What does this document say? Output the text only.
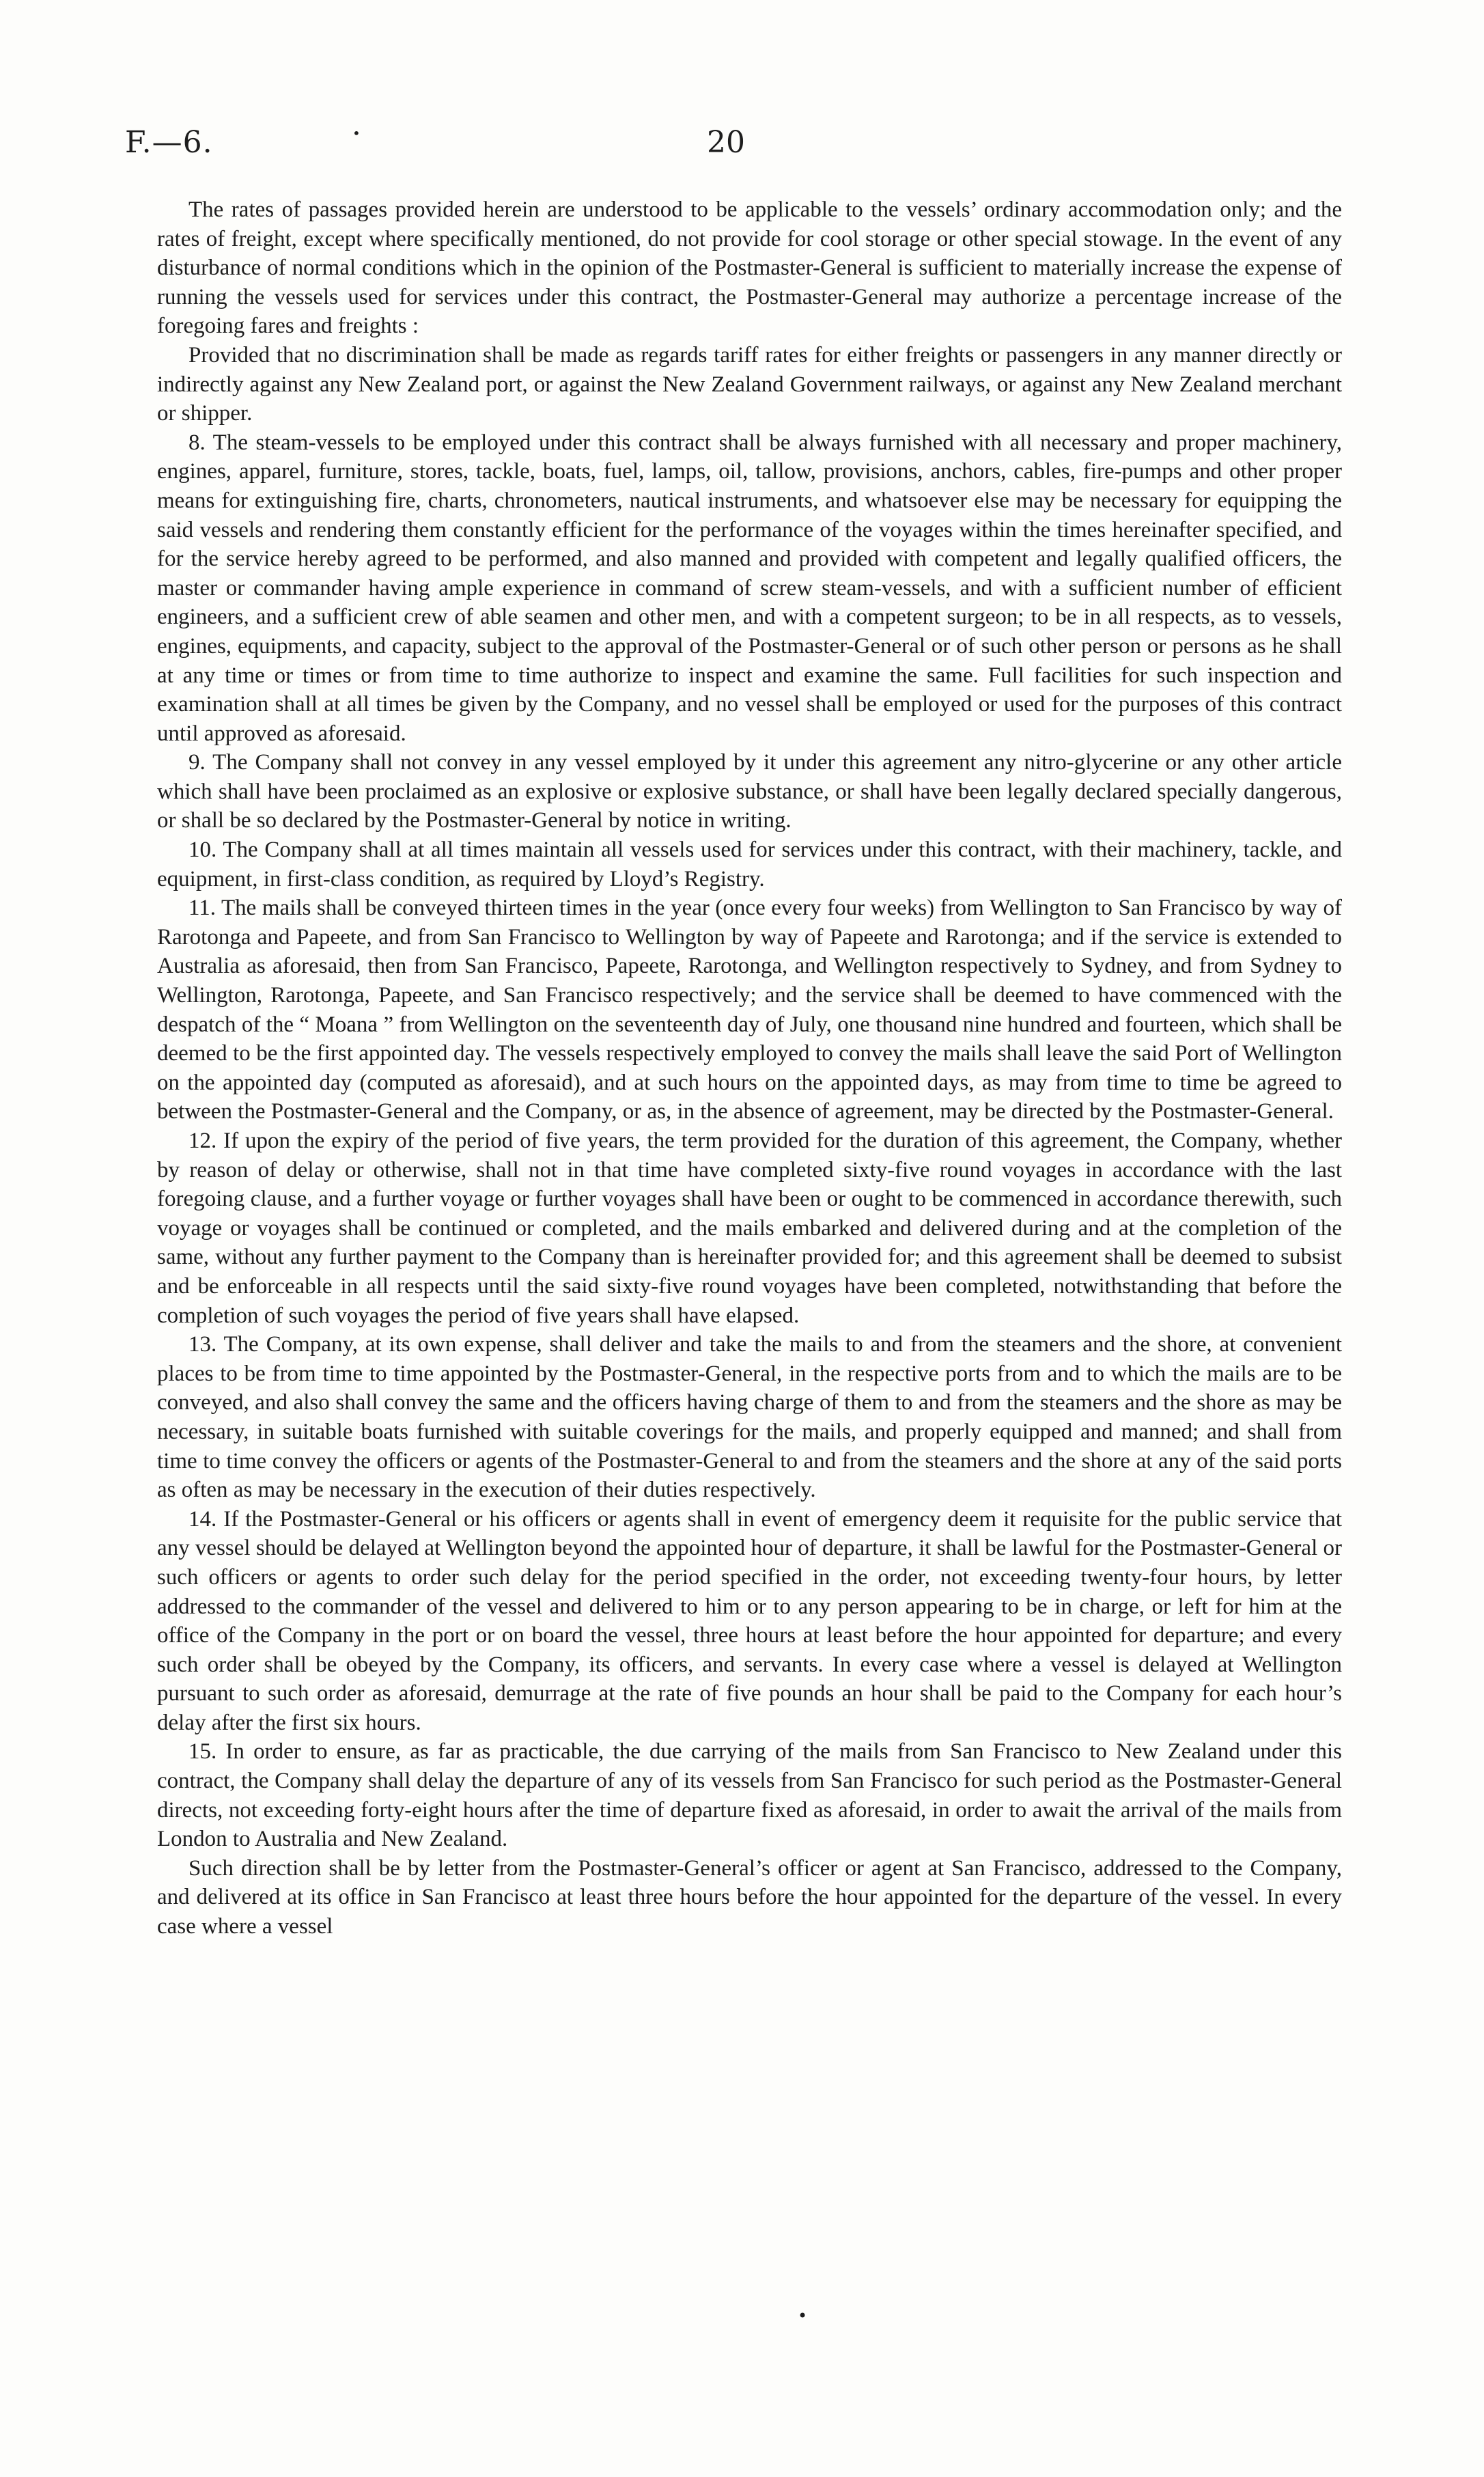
F.—6.	•	20

The rates of passages provided herein are understood to be applicable to the vessels’ ordinary accommodation only; and the rates of freight, except where specifically mentioned, do not provide for cool storage or other special stowage. In the event of any disturbance of normal conditions which in the opinion of the Postmaster-General is sufficient to materially increase the expense of running the vessels used for services under this contract, the Postmaster-General may authorize a percentage increase of the foregoing fares and freights :

Provided that no discrimination shall be made as regards tariff rates for either freights or passengers in any manner directly or indirectly against any New Zealand port, or against the New Zealand Government railways, or against any New Zealand merchant or shipper.

8. The steam-vessels to be employed under this contract shall be always furnished with all necessary and proper machinery, engines, apparel, furniture, stores, tackle, boats, fuel, lamps, oil, tallow, provisions, anchors, cables, fire-pumps and other proper means for extinguishing fire, charts, chronometers, nautical instruments, and whatsoever else may be necessary for equipping the said vessels and rendering them constantly efficient for the performance of the voyages within the times hereinafter specified, and for the service hereby agreed to be performed, and also manned and provided with competent and legally qualified officers, the master or commander having ample experience in command of screw steam-vessels, and with a sufficient number of efficient engineers, and a sufficient crew of able seamen and other men, and with a competent surgeon; to be in all respects, as to vessels, engines, equipments, and capacity, subject to the approval of the Postmaster-General or of such other person or persons as he shall at any time or times or from time to time authorize to inspect and examine the same. Full facilities for such inspection and examination shall at all times be given by the Company, and no vessel shall be employed or used for the purposes of this contract until approved as aforesaid.

9. The Company shall not convey in any vessel employed by it under this agreement any nitro-glycerine or any other article which shall have been proclaimed as an explosive or explosive substance, or shall have been legally declared specially dangerous, or shall be so declared by the Postmaster-General by notice in writing.

10. The Company shall at all times maintain all vessels used for services under this contract, with their machinery, tackle, and equipment, in first-class condition, as required by Lloyd’s Registry.

11. The mails shall be conveyed thirteen times in the year (once every four weeks) from Wellington to San Francisco by way of Rarotonga and Papeete, and from San Francisco to Wellington by way of Papeete and Rarotonga; and if the service is extended to Australia as aforesaid, then from San Francisco, Papeete, Rarotonga, and Wellington respectively to Sydney, and from Sydney to Wellington, Rarotonga, Papeete, and San Francisco respectively; and the service shall be deemed to have commenced with the despatch of the “ Moana ” from Wellington on the seventeenth day of July, one thousand nine hundred and fourteen, which shall be deemed to be the first appointed day. The vessels respectively employed to convey the mails shall leave the said Port of Wellington on the appointed day (computed as aforesaid), and at such hours on the appointed days, as may from time to time be agreed to between the Postmaster-General and the Company, or as, in the absence of agreement, may be directed by the Postmaster-General.

12. If upon the expiry of the period of five years, the term provided for the duration of this agreement, the Company, whether by reason of delay or otherwise, shall not in that time have completed sixty-five round voyages in accordance with the last foregoing clause, and a further voyage or further voyages shall have been or ought to be commenced in accordance therewith, such voyage or voyages shall be continued or completed, and the mails embarked and delivered during and at the completion of the same, without any further payment to the Company than is hereinafter provided for; and this agreement shall be deemed to subsist and be enforceable in all respects until the said sixty-five round voyages have been completed, notwithstanding that before the completion of such voyages the period of five years shall have elapsed.

13. The Company, at its own expense, shall deliver and take the mails to and from the steamers and the shore, at convenient places to be from time to time appointed by the Postmaster-General, in the respective ports from and to which the mails are to be conveyed, and also shall convey the same and the officers having charge of them to and from the steamers and the shore as may be necessary, in suitable boats furnished with suitable coverings for the mails, and properly equipped and manned; and shall from time to time convey the officers or agents of the Postmaster-General to and from the steamers and the shore at any of the said ports as often as may be necessary in the execution of their duties respectively.

14. If the Postmaster-General or his officers or agents shall in event of emergency deem it requisite for the public service that any vessel should be delayed at Wellington beyond the appointed hour of departure, it shall be lawful for the Postmaster-General or such officers or agents to order such delay for the period specified in the order, not exceeding twenty-four hours, by letter addressed to the commander of the vessel and delivered to him or to any person appearing to be in charge, or left for him at the office of the Company in the port or on board the vessel, three hours at least before the hour appointed for departure; and every such order shall be obeyed by the Company, its officers, and servants. In every case where a vessel is delayed at Wellington pursuant to such order as aforesaid, demurrage at the rate of five pounds an hour shall be paid to the Company for each hour’s delay after the first six hours.

15. In order to ensure, as far as practicable, the due carrying of the mails from San Francisco to New Zealand under this contract, the Company shall delay the departure of any of its vessels from San Francisco for such period as the Postmaster-General directs, not exceeding forty-eight hours after the time of departure fixed as aforesaid, in order to await the arrival of the mails from London to Australia and New Zealand.

Such direction shall be by letter from the Postmaster-General’s officer or agent at San Francisco, addressed to the Company, and delivered at its office in San Francisco at least three hours before the hour appointed for the departure of the vessel. In every case where a vessel

•
